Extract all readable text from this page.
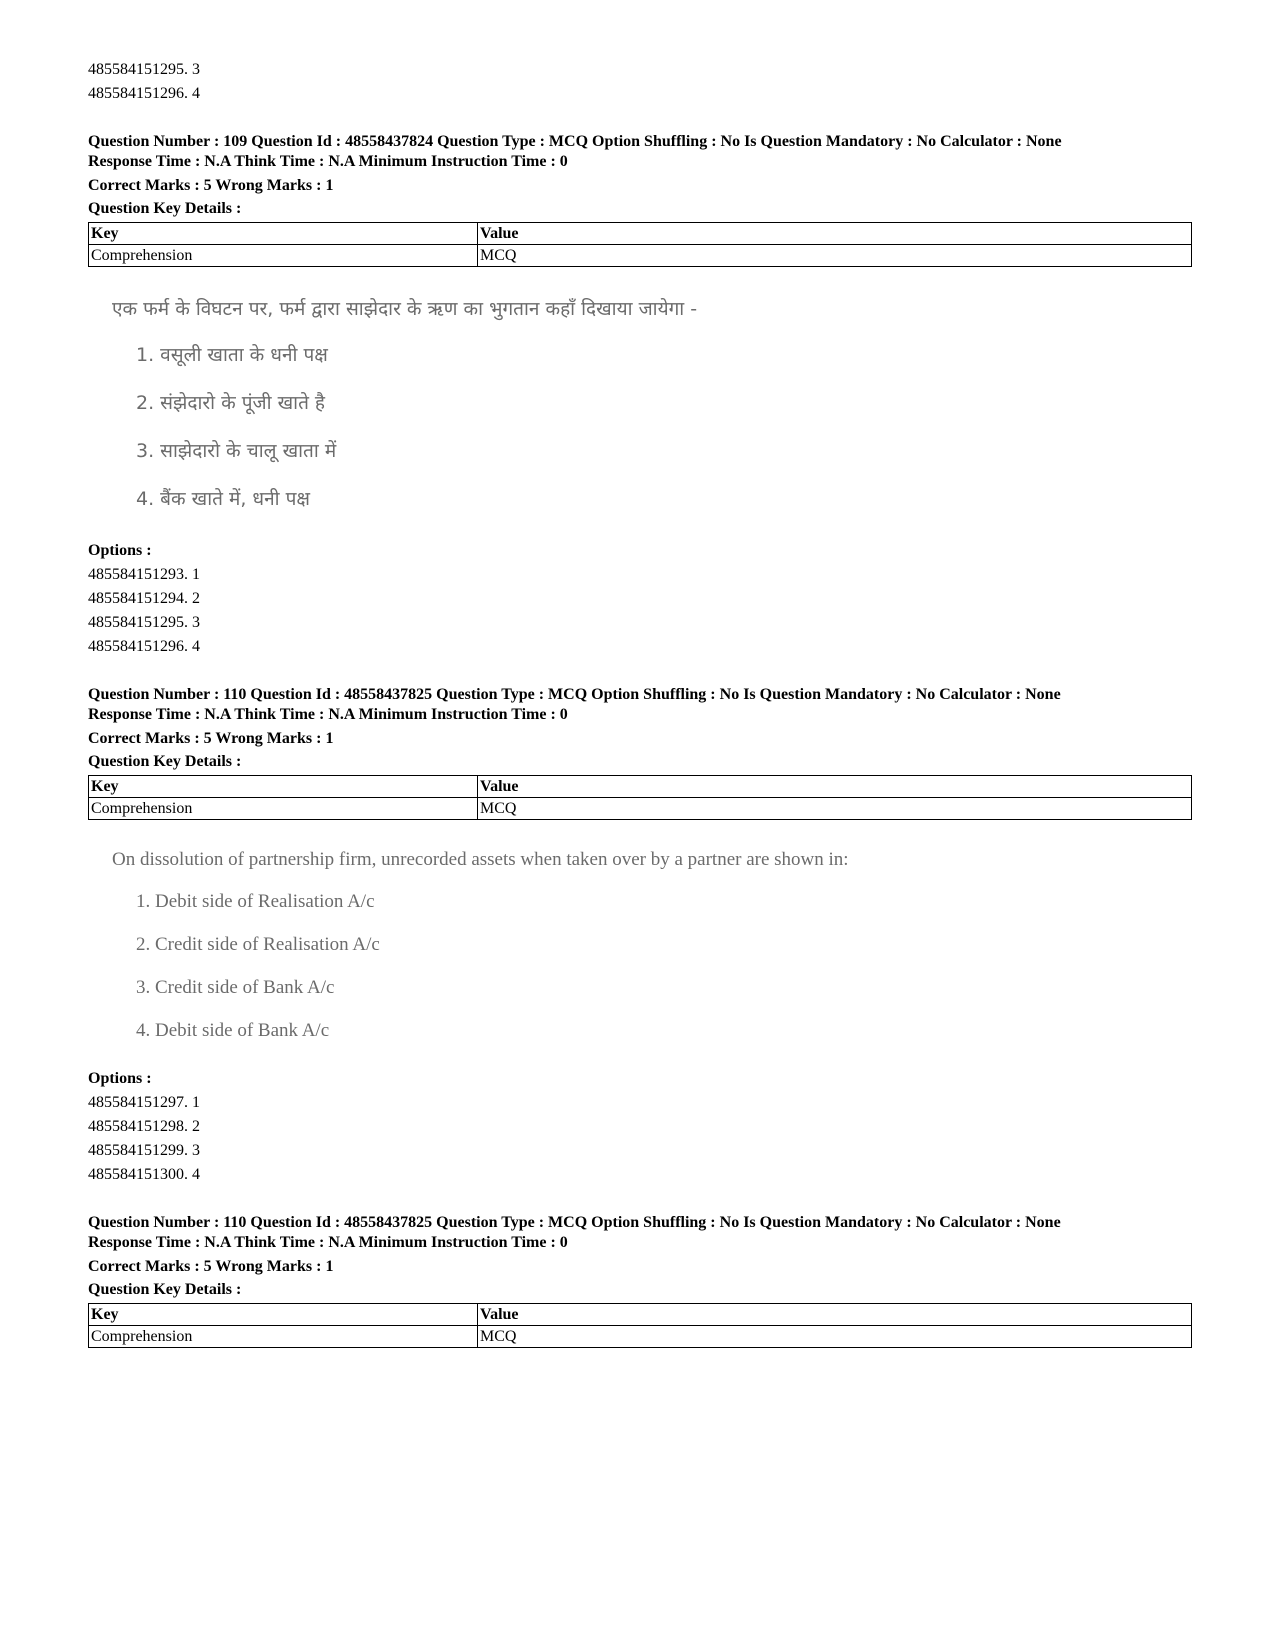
485584151295. 3
485584151296. 4
Question Number : 109 Question Id : 48558437824 Question Type : MCQ Option Shuffling : No Is Question Mandatory : No Calculator : None
Response Time : N.A Think Time : N.A Minimum Instruction Time : 0
Correct Marks : 5 Wrong Marks : 1
Question Key Details :
Key	Value
Comprehension	MCQ
एक फर्म के विघटन पर, फर्म द्वारा साझेदार के ऋण का भुगतान कहाँ दिखाया जायेगा -
1. वसूली खाता के धनी पक्ष
2. संझेदारो के पूंजी खाते है
3. साझेदारो के चालू खाता में
4. बैंक खाते में, धनी पक्ष
Options :
485584151293. 1
485584151294. 2
485584151295. 3
485584151296. 4
Question Number : 110 Question Id : 48558437825 Question Type : MCQ Option Shuffling : No Is Question Mandatory : No Calculator : None
Response Time : N.A Think Time : N.A Minimum Instruction Time : 0
Correct Marks : 5 Wrong Marks : 1
Question Key Details :
Key	Value
Comprehension	MCQ
On dissolution of partnership firm, unrecorded assets when taken over by a partner are shown in:
1. Debit side of Realisation A/c
2. Credit side of Realisation A/c
3. Credit side of Bank A/c
4. Debit side of Bank A/c
Options :
485584151297. 1
485584151298. 2
485584151299. 3
485584151300. 4
Question Number : 110 Question Id : 48558437825 Question Type : MCQ Option Shuffling : No Is Question Mandatory : No Calculator : None
Response Time : N.A Think Time : N.A Minimum Instruction Time : 0
Correct Marks : 5 Wrong Marks : 1
Question Key Details :
Key	Value
Comprehension	MCQ
